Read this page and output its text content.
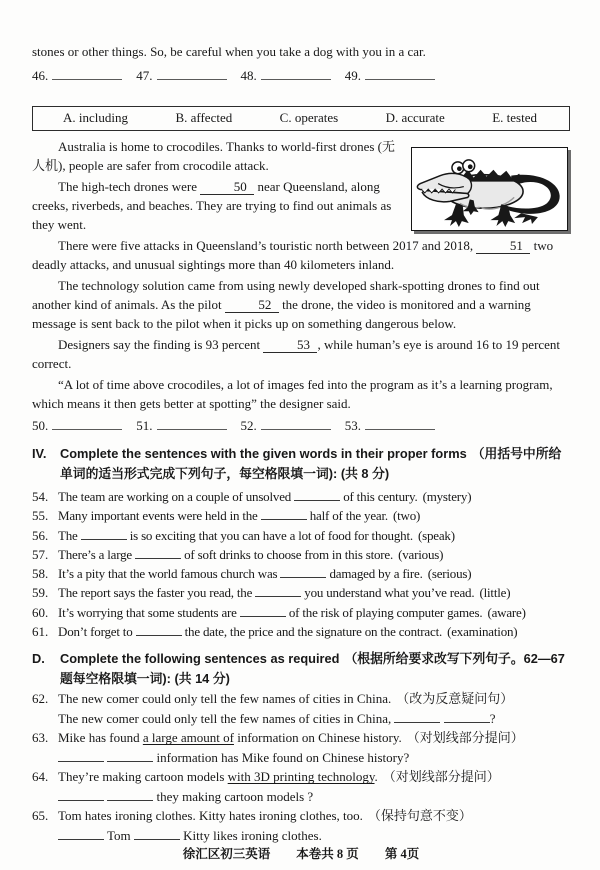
stones or other things. So, be careful when you take a dog with you in a car.
46.	47.	48.	49.
A. including	B. affected	C. operates	D. accurate	E. tested

Australia is home to crocodiles. Thanks to world-first drones (无人机), people are safer from crocodile attack.

The high-tech drones were	50 near Queensland, along creeks, riverbeds, and beaches. They are trying to find out animals as they went.

There were five attacks in Queensland’s touristic north between 2017 and 2018,	51 two deadly attacks, and unusual sightings more than 40 kilometers inland.

The technology solution came from using newly developed shark-spotting drones to find out another kind of animals. As the pilot	52 the drone, the video is monitored and a warning message is sent back to the pilot when it picks up on something dangerous below.

Designers say the finding is 93 percent	53 , while human’s eye is around 16 to 19 percent correct.

“A lot of time above crocodiles, a lot of images fed into the program as it’s a learning program, which means it then gets better at spotting” the designer said.

50.	51.	52.	53.
IV.	Complete the sentences with the given words in their proper forms （用括号中所给单词的适当形式完成下列句子，每空格限填一词): (共 8 分)
54. The team are working on a couple of unsolved	of this century. (mystery)
55. Many important events were held in the	half of the year. (two)
56. The	is so exciting that you can have a lot of food for thought. (speak)
57. There’s a large	of soft drinks to choose from in this store. (various)
58. It’s a pity that the world famous church was	damaged by a fire. (serious)
59. The report says the faster you read, the	you understand what you’ve read. (little)
60. It’s worrying that some students are	of the risk of playing computer games. (aware)
61. Don’t forget to	the date, the price and the signature on the contract. (examination)
D.	Complete the following sentences as required （根据所给要求改写下列句子。62—67 题每空格限填一词): (共 14 分)
62. The new comer could only tell the few names of cities in China. （改为反意疑问句）
The new comer could only tell the few names of cities in China,	?
63. Mike has found a large amount of information on Chinese history. （对划线部分提问）
information has Mike found on Chinese history?
64. They’re making cartoon models with 3D printing technology. （对划线部分提问）
they making cartoon models ?
65. Tom hates ironing clothes. Kitty hates ironing clothes, too. （保持句意不变）
Tom	Kitty likes ironing clothes.
徐汇区初三英语 本卷共 8 页 第 4页
